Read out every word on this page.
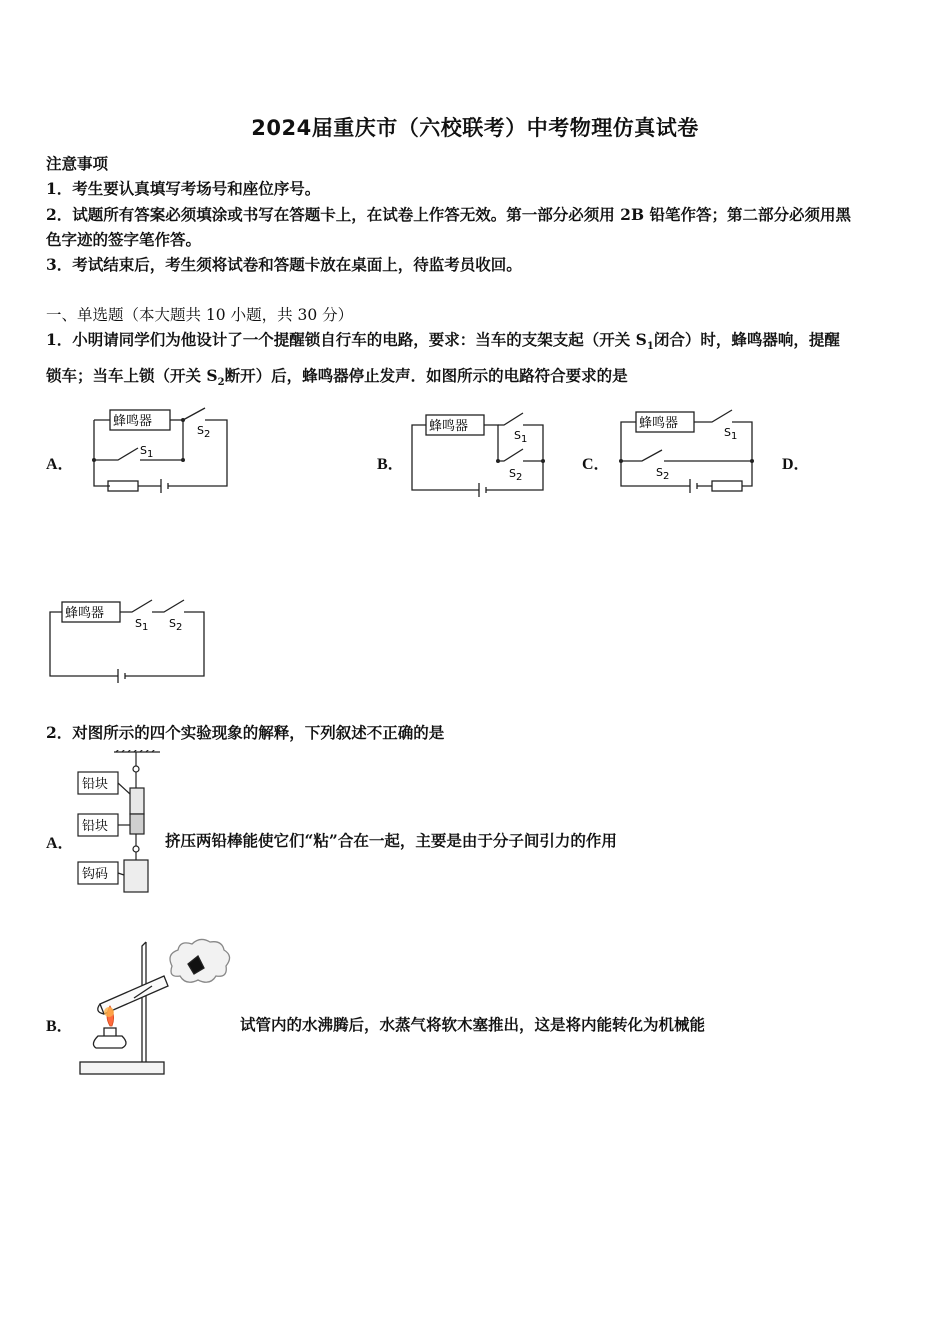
2024届重庆市（六校联考）中考物理仿真试卷
注意事项
1．考生要认真填写考场号和座位序号。
2．试题所有答案必须填涂或书写在答题卡上，在试卷上作答无效。第一部分必须用 2B 铅笔作答；第二部分必须用黑
色字迹的签字笔作答。
3．考试结束后，考生须将试卷和答题卡放在桌面上，待监考员收回。
一、单选题（本大题共 10 小题，共 30 分）
1．小明请同学们为他设计了一个提醒锁自行车的电路，要求：当车的支架支起（开关 $S_1$闭合）时，蜂鸣器响，提醒
锁车；当车上锁（开关 $S_2$断开）后，蜂鸣器停止发声．如图所示的电路符合要求的是
A．	B．	C．	D．
蜂鸣器
S2
S1
蜂鸣器
S1
S2
蜂鸣器
S1
S2
蜂鸣器
S1 S2
2．对图所示的四个实验现象的解释，下列叙述不正确的是
A．
铅块
铅块
钩码
挤压两铅棒能使它们“粘”合在一起，主要是由于分子间引力的作用
B．	试管内的水沸腾后，水蒸气将软木塞推出，这是将内能转化为机械能
